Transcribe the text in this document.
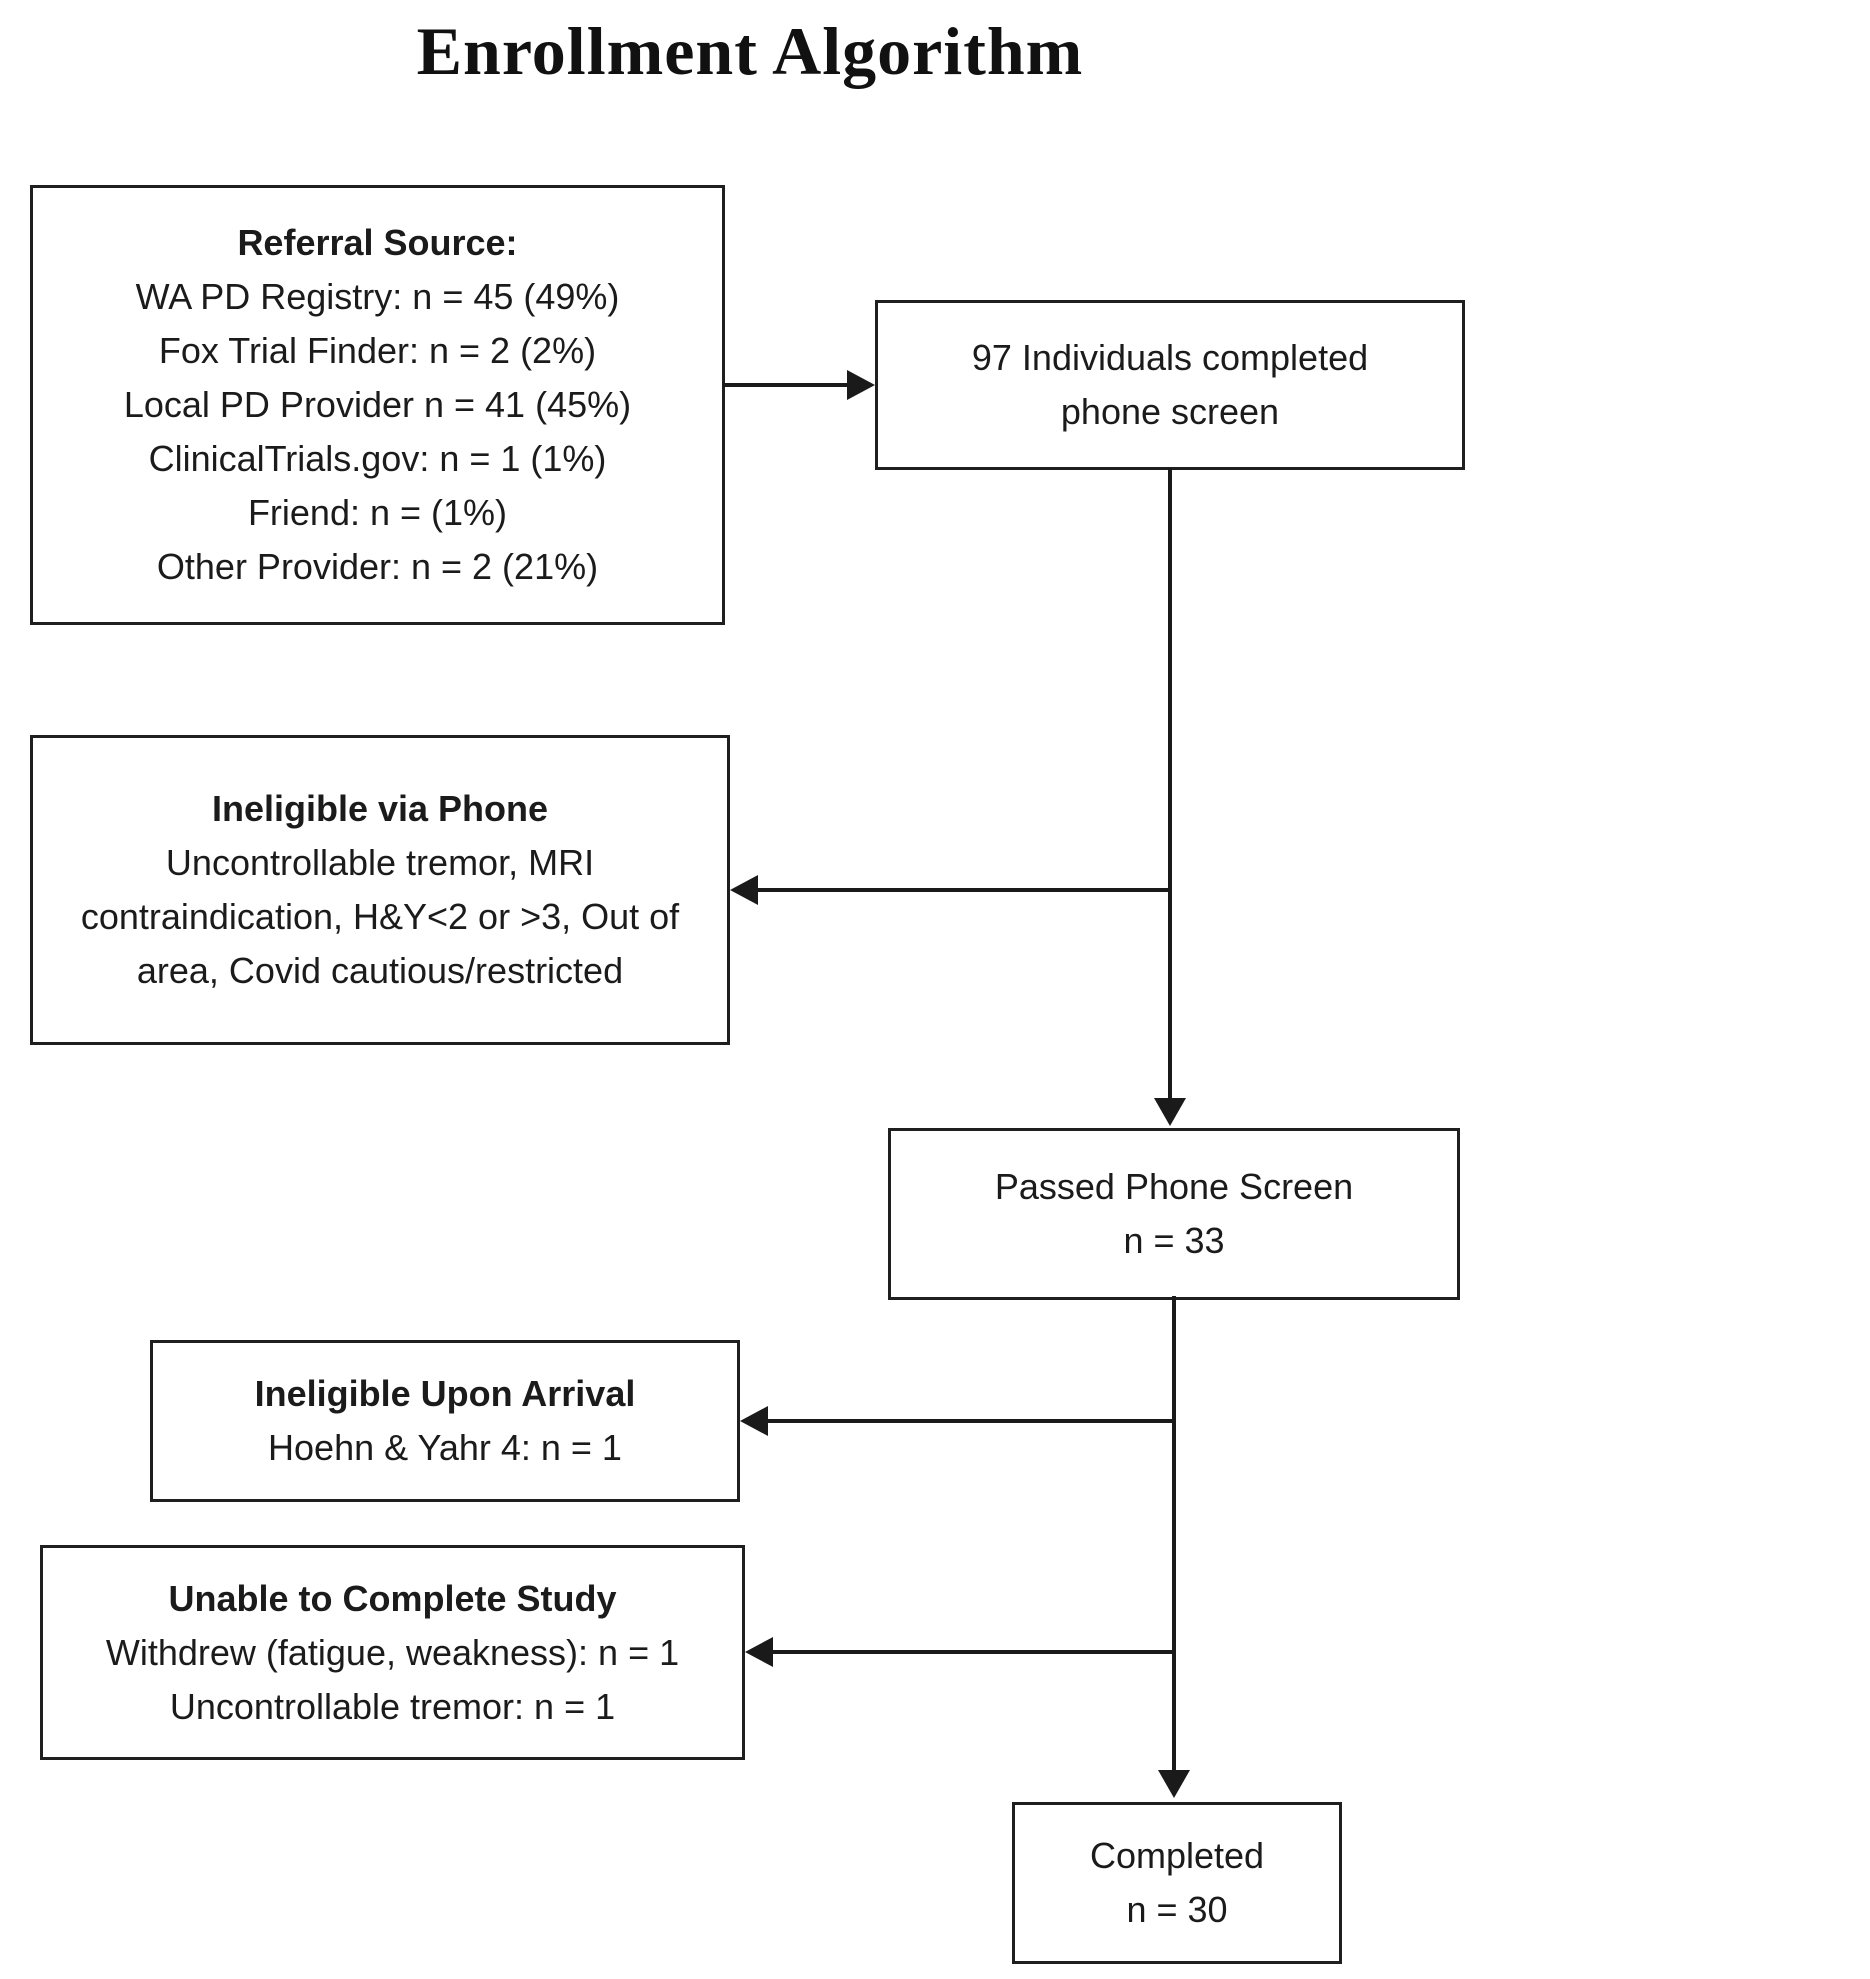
Enrollment Algorithm
Referral Source:
WA PD Registry: n = 45 (49%)
Fox Trial Finder: n = 2 (2%)
Local PD Provider n = 41 (45%)
ClinicalTrials.gov: n = 1 (1%)
Friend: n = (1%)
Other Provider: n = 2 (21%)
97 Individuals completed
phone screen
Ineligible via Phone
Uncontrollable tremor, MRI contraindication, H&Y<2 or >3, Out of area, Covid cautious/restricted
Passed Phone Screen
n = 33
Ineligible Upon Arrival
Hoehn & Yahr 4: n = 1
Unable to Complete Study
Withdrew (fatigue, weakness): n = 1
Uncontrollable tremor: n = 1
Completed
n = 30
